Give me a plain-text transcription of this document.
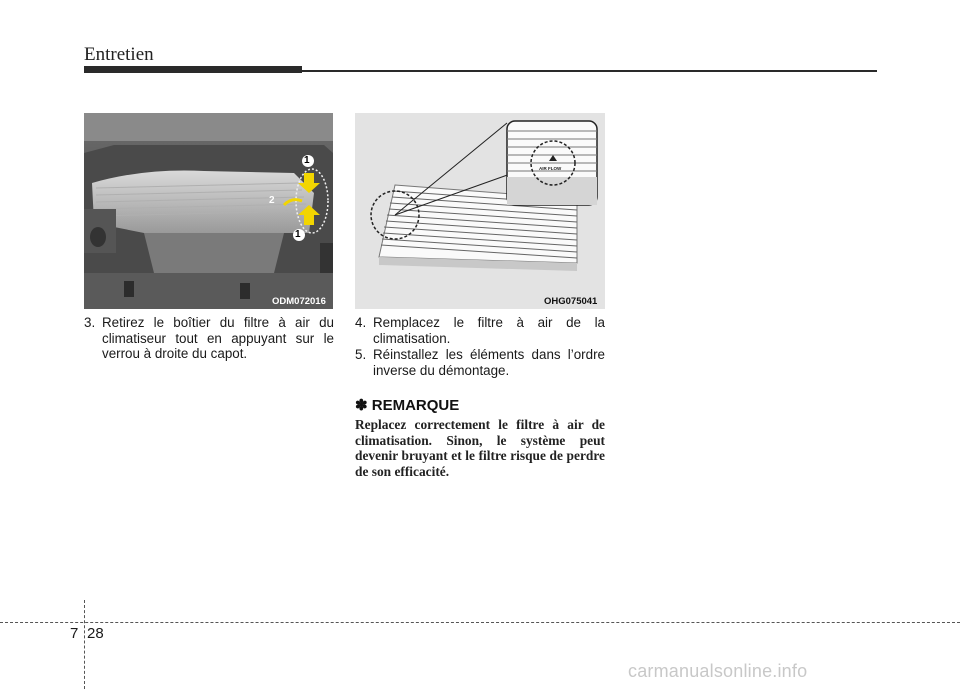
Entretien
1
2
1
ODM072016
AIR FLOW
OHG075041
3. Retirez le boîtier du filtre à air du climatiseur tout en appuyant sur le verrou à droite du capot.
4. Remplacez le filtre à air de la climatisation.
5. Réinstallez les éléments dans l’ordre inverse du démontage.
✽ REMARQUE
Replacez correctement le filtre à air de climatisation. Sinon, le système peut devenir bruyant et le filtre risque de perdre de son efficacité.
7 28
carmanualsonline.info
